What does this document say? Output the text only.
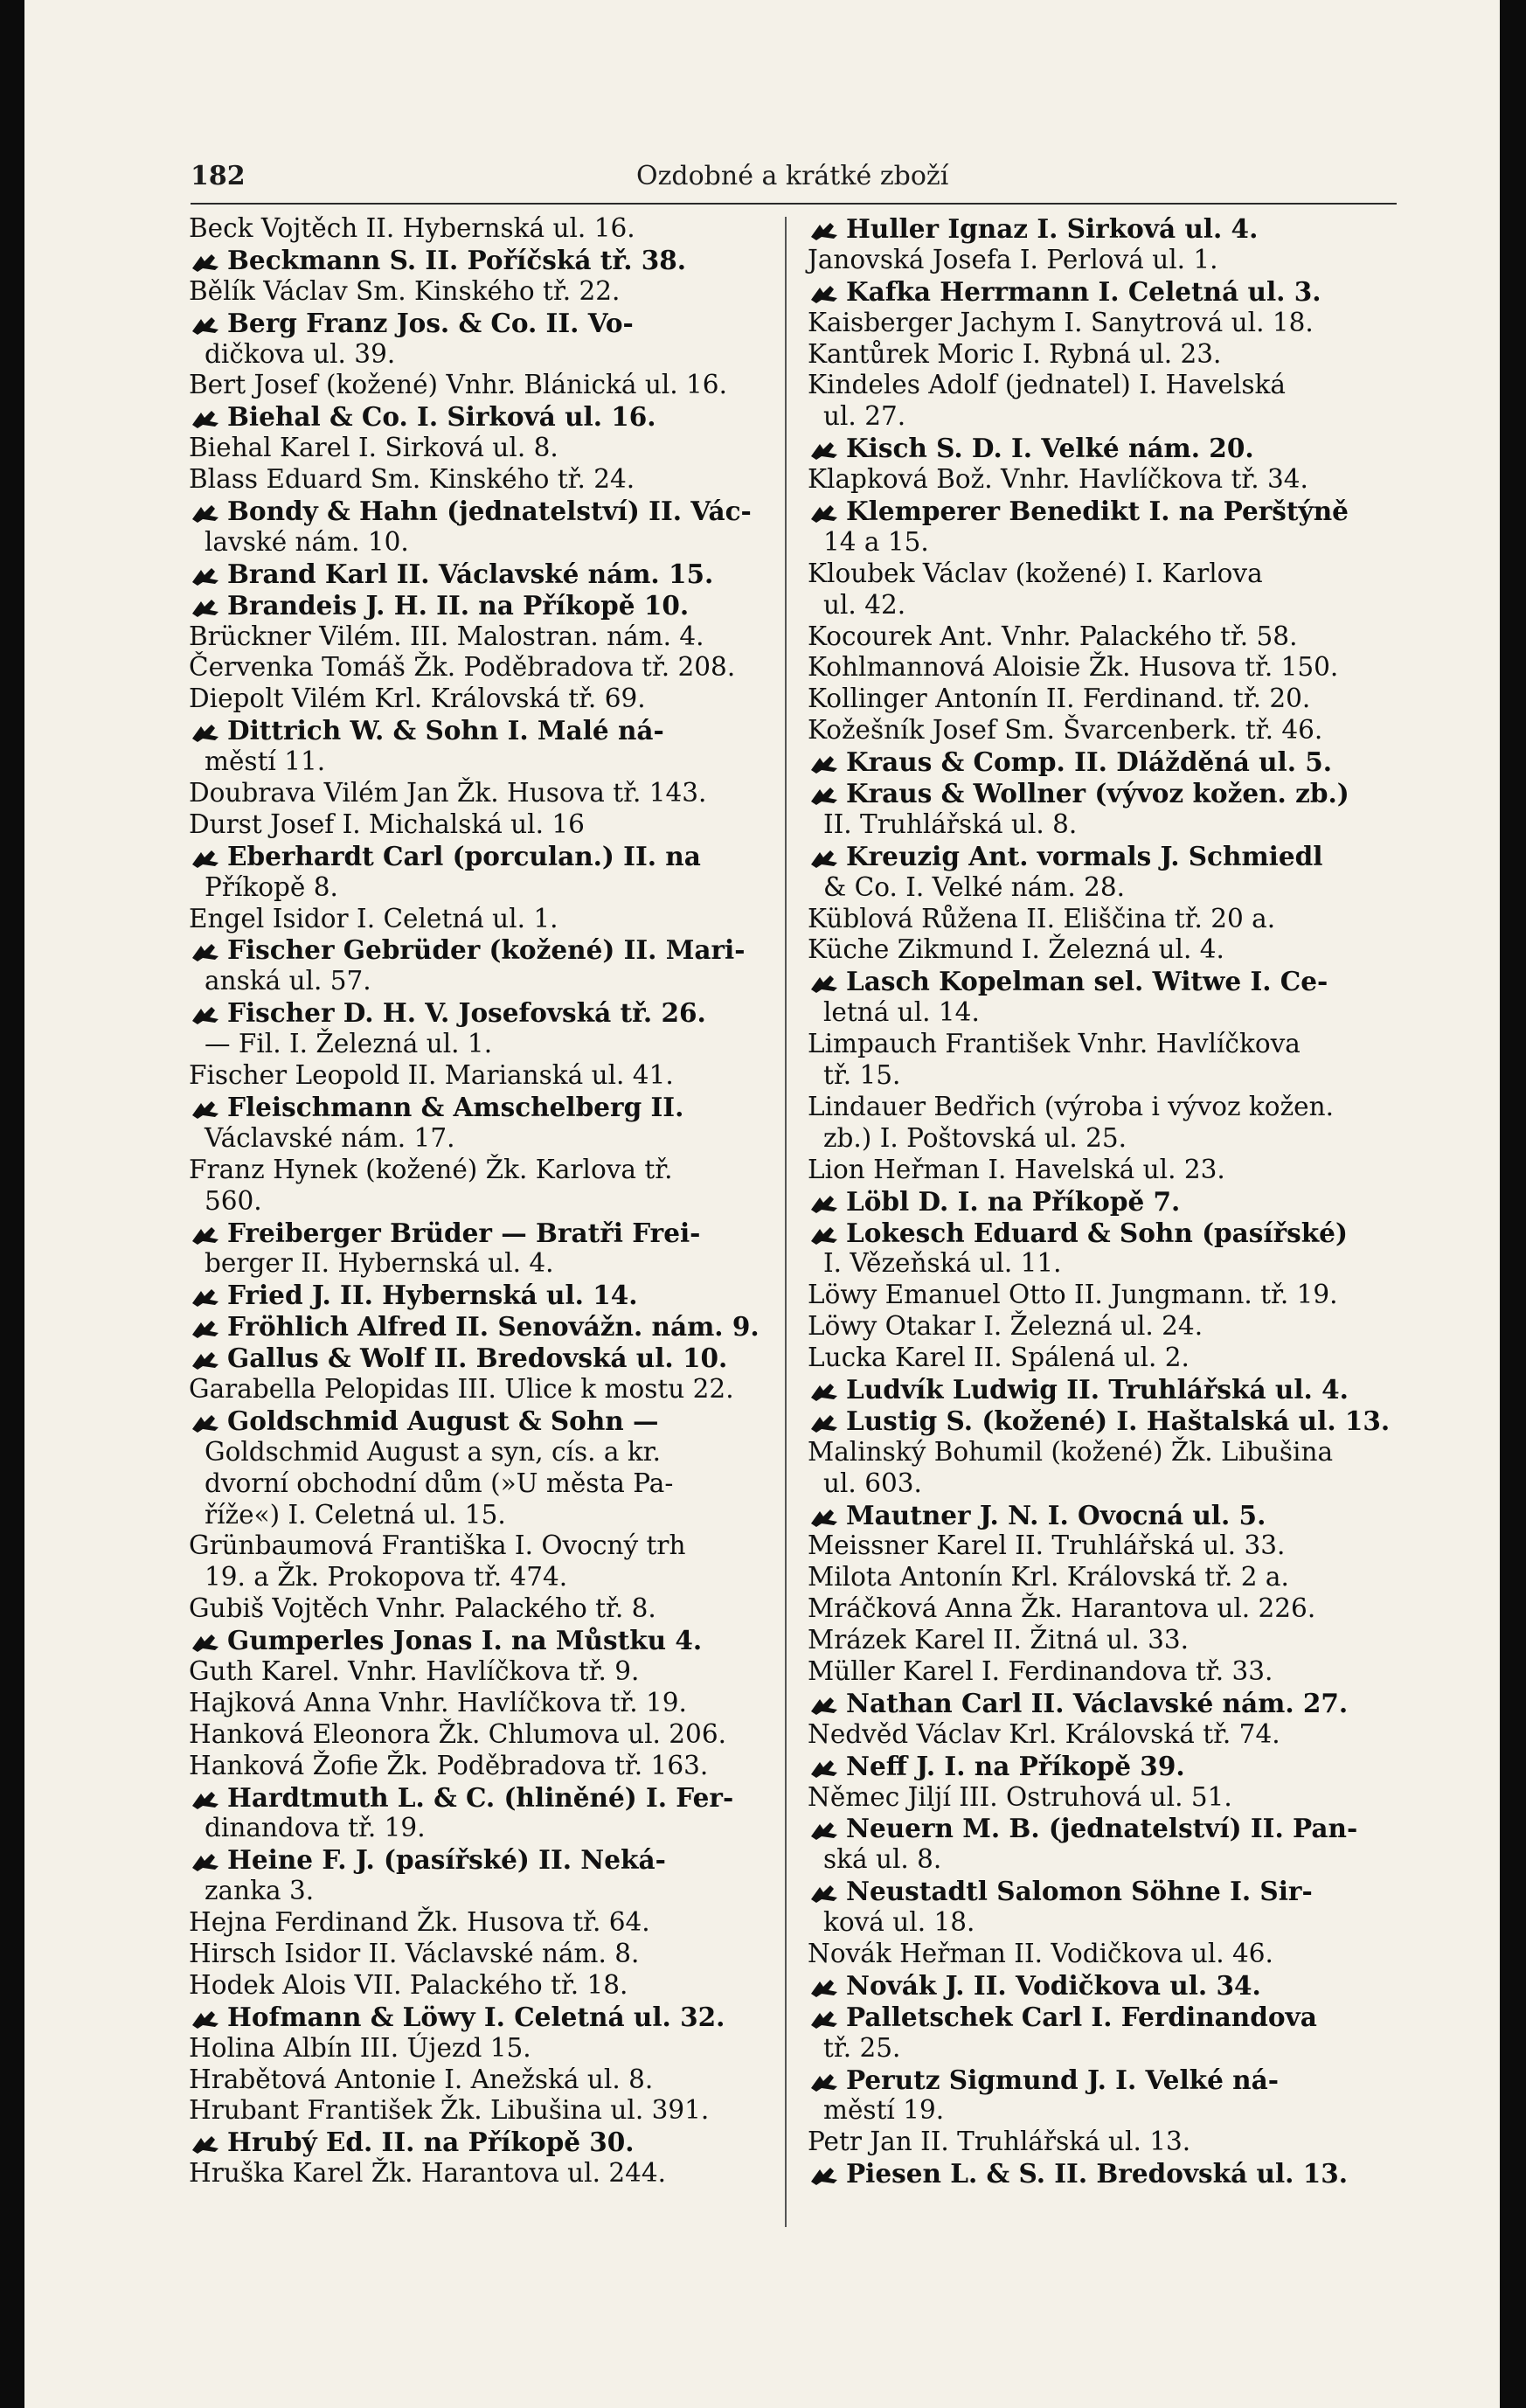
182	Ozdobné a krátké zboží
Beck Vojtěch II. Hybernská ul. 16.
Beckmann S. II. Poříčská tř. 38.
Bělík Václav Sm. Kinského tř. 22.
Berg Franz Jos. & Co. II. Vo-
dičkova ul. 39.
Bert Josef (kožené) Vnhr. Blánická ul. 16.
Biehal & Co. I. Sirková ul. 16.
Biehal Karel I. Sirková ul. 8.
Blass Eduard Sm. Kinského tř. 24.
Bondy & Hahn (jednatelství) II. Vác-
lavské nám. 10.
Brand Karl II. Václavské nám. 15.
Brandeis J. H. II. na Příkopě 10.
Brückner Vilém. III. Malostran. nám. 4.
Červenka Tomáš Žk. Poděbradova tř. 208.
Diepolt Vilém Krl. Královská tř. 69.
Dittrich W. & Sohn I. Malé ná-
městí 11.
Doubrava Vilém Jan Žk. Husova tř. 143.
Durst Josef I. Michalská ul. 16
Eberhardt Carl (porculan.) II. na
Příkopě 8.
Engel Isidor I. Celetná ul. 1.
Fischer Gebrüder (kožené) II. Mari-
anská ul. 57.
Fischer D. H. V. Josefovská tř. 26.
— Fil. I. Železná ul. 1.
Fischer Leopold II. Marianská ul. 41.
Fleischmann & Amschelberg II.
Václavské nám. 17.
Franz Hynek (kožené) Žk. Karlova tř.
560.
Freiberger Brüder — Bratři Frei-
berger II. Hybernská ul. 4.
Fried J. II. Hybernská ul. 14.
Fröhlich Alfred II. Senovážn. nám. 9.
Gallus & Wolf II. Bredovská ul. 10.
Garabella Pelopidas III. Ulice k mostu 22.
Goldschmid August & Sohn —
Goldschmid August a syn, cís. a kr.
dvorní obchodní dům (»U města Pa-
říže«) I. Celetná ul. 15.
Grünbaumová Františka I. Ovocný trh
19. a Žk. Prokopova tř. 474.
Gubiš Vojtěch Vnhr. Palackého tř. 8.
Gumperles Jonas I. na Můstku 4.
Guth Karel. Vnhr. Havlíčkova tř. 9.
Hajková Anna Vnhr. Havlíčkova tř. 19.
Hanková Eleonora Žk. Chlumova ul. 206.
Hanková Žofie Žk. Poděbradova tř. 163.
Hardtmuth L. & C. (hliněné) I. Fer-
dinandova tř. 19.
Heine F. J. (pasířské) II. Neká-
zanka 3.
Hejna Ferdinand Žk. Husova tř. 64.
Hirsch Isidor II. Václavské nám. 8.
Hodek Alois VII. Palackého tř. 18.
Hofmann & Löwy I. Celetná ul. 32.
Holina Albín III. Újezd 15.
Hrabětová Antonie I. Anežská ul. 8.
Hrubant František Žk. Libušina ul. 391.
Hrubý Ed. II. na Příkopě 30.
Hruška Karel Žk. Harantova ul. 244.
Huller Ignaz I. Sirková ul. 4.
Janovská Josefa I. Perlová ul. 1.
Kafka Herrmann I. Celetná ul. 3.
Kaisberger Jachym I. Sanytrová ul. 18.
Kantůrek Moric I. Rybná ul. 23.
Kindeles Adolf (jednatel) I. Havelská
ul. 27.
Kisch S. D. I. Velké nám. 20.
Klapková Bož. Vnhr. Havlíčkova tř. 34.
Klemperer Benedikt I. na Perštýně
14 a 15.
Kloubek Václav (kožené) I. Karlova
ul. 42.
Kocourek Ant. Vnhr. Palackého tř. 58.
Kohlmannová Aloisie Žk. Husova tř. 150.
Kollinger Antonín II. Ferdinand. tř. 20.
Kožešník Josef Sm. Švarcenberk. tř. 46.
Kraus & Comp. II. Dlážděná ul. 5.
Kraus & Wollner (vývoz kožen. zb.)
II. Truhlářská ul. 8.
Kreuzig Ant. vormals J. Schmiedl
& Co. I. Velké nám. 28.
Küblová Růžena II. Eliščina tř. 20 a.
Küche Zikmund I. Železná ul. 4.
Lasch Kopelman sel. Witwe I. Ce-
letná ul. 14.
Limpauch František Vnhr. Havlíčkova
tř. 15.
Lindauer Bedřich (výroba i vývoz kožen.
zb.) I. Poštovská ul. 25.
Lion Heřman I. Havelská ul. 23.
Löbl D. I. na Příkopě 7.
Lokesch Eduard & Sohn (pasířské)
I. Vězeňská ul. 11.
Löwy Emanuel Otto II. Jungmann. tř. 19.
Löwy Otakar I. Železná ul. 24.
Lucka Karel II. Spálená ul. 2.
Ludvík Ludwig II. Truhlářská ul. 4.
Lustig S. (kožené) I. Haštalská ul. 13.
Malinský Bohumil (kožené) Žk. Libušina
ul. 603.
Mautner J. N. I. Ovocná ul. 5.
Meissner Karel II. Truhlářská ul. 33.
Milota Antonín Krl. Královská tř. 2 a.
Mráčková Anna Žk. Harantova ul. 226.
Mrázek Karel II. Žitná ul. 33.
Müller Karel I. Ferdinandova tř. 33.
Nathan Carl II. Václavské nám. 27.
Nedvěd Václav Krl. Královská tř. 74.
Neff J. I. na Příkopě 39.
Němec Jiljí III. Ostruhová ul. 51.
Neuern M. B. (jednatelství) II. Pan-
ská ul. 8.
Neustadtl Salomon Söhne I. Sir-
ková ul. 18.
Novák Heřman II. Vodičkova ul. 46.
Novák J. II. Vodičkova ul. 34.
Palletschek Carl I. Ferdinandova
tř. 25.
Perutz Sigmund J. I. Velké ná-
městí 19.
Petr Jan II. Truhlářská ul. 13.
Piesen L. & S. II. Bredovská ul. 13.
